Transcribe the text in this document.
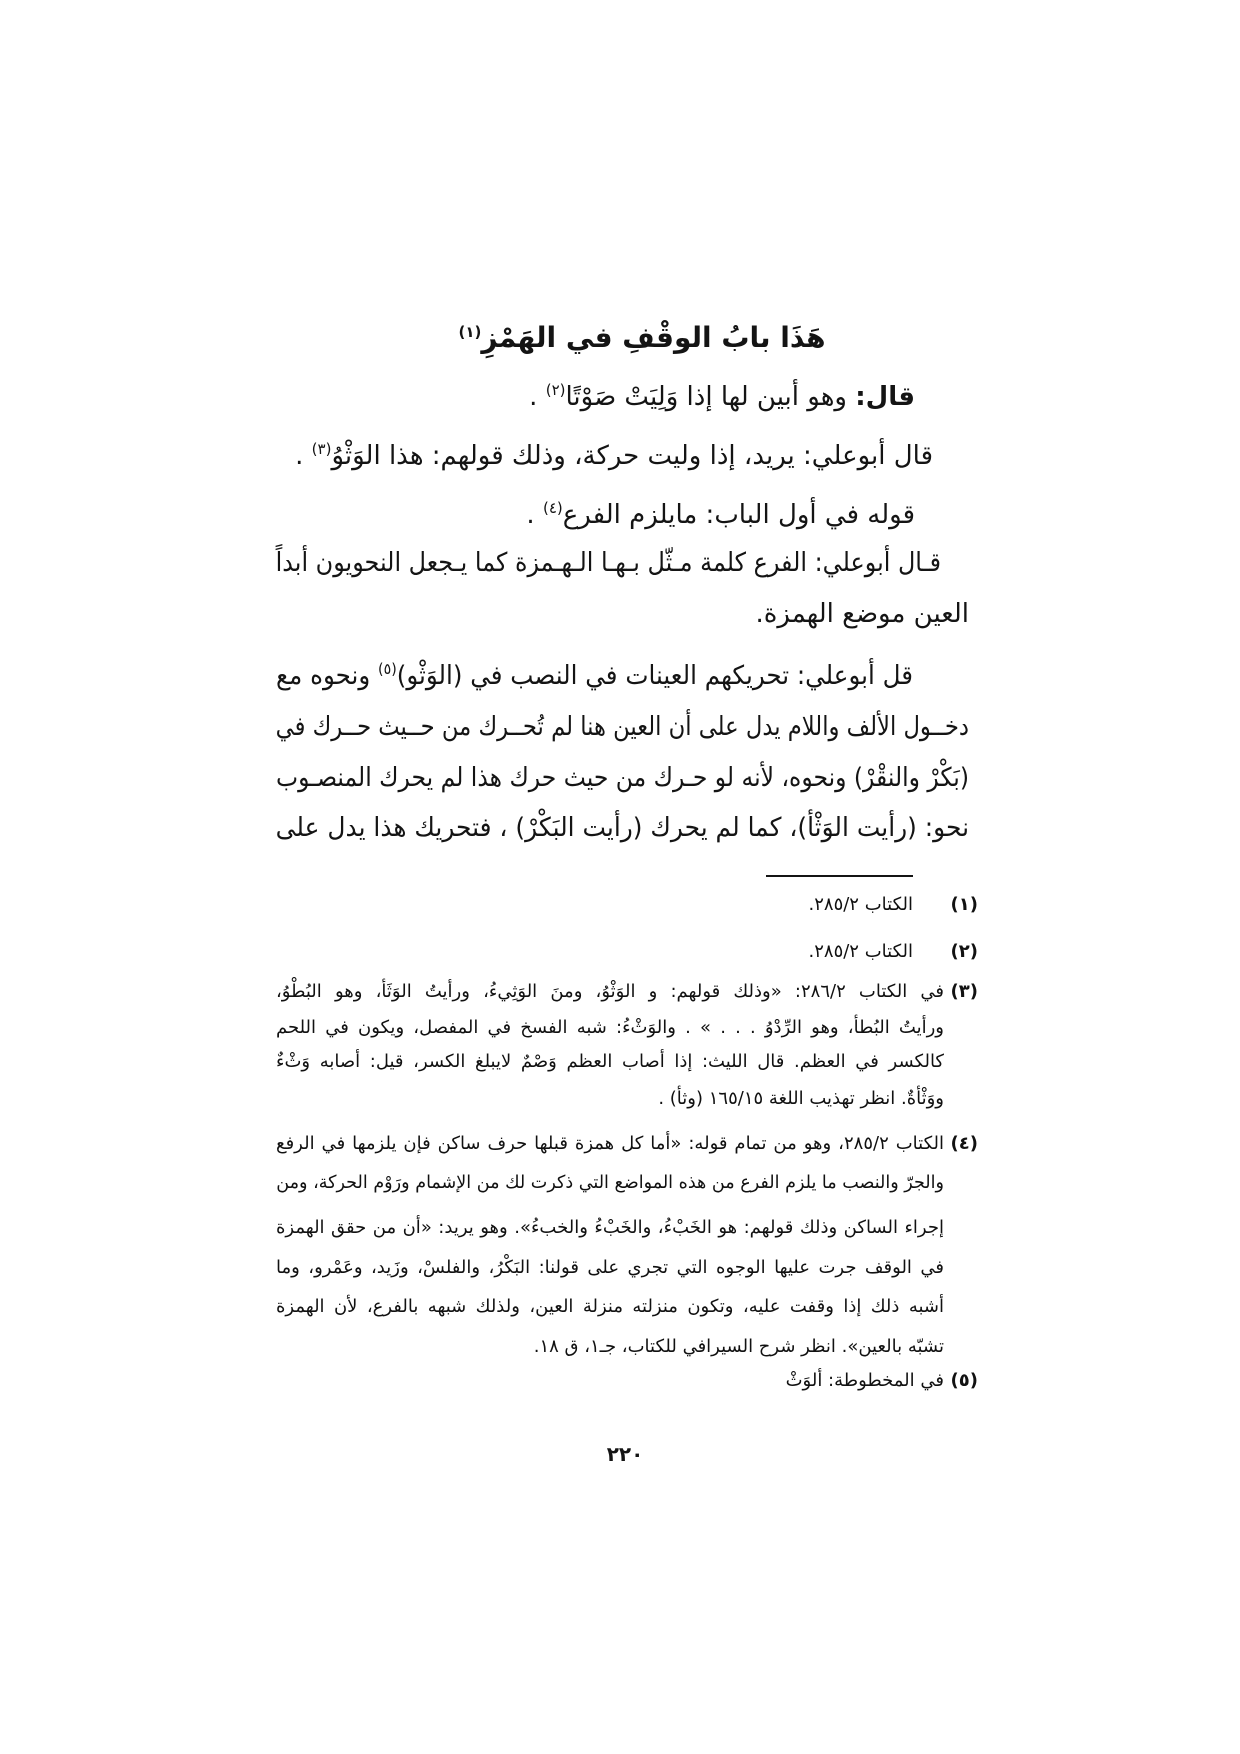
هَذَا بابُ الوقْفِ في الهَمْزِ$^{(١)}$
قال: وهو أبين لها إذا وَلِيَتْ صَوْتًا$^{(٢)}$ .
قال أبوعلي: يريد، إذا وليت حركة، وذلك قولهم: هذا الوَثْوُ$^{(٣)}$ .
قوله في أول الباب: مايلزم الفرع$^{(٤)}$ .
قـال أبوعلي: الفرع كلمة مـثّل بـهـا الـهـمزة كما يـجعل النحويون أبداً
العين موضع الهمزة.
قل أبوعلي: تحريكهم العينات في النصب في (الوَثْو)$^{(٥)}$ ونحوه مع
دخــول الألف واللام يدل على أن العين هنا لم تُحــرك من حــيث حــرك في
(بَكْرْ والنقْرْ) ونحوه، لأنه لو حـرك من حيث حرك هذا لم يحرك المنصـوب
نحو: (رأيت الوَثْأ)، كما لم يحرك (رأيت البَكْرْ) ، فتحريك هذا يدل على
(١)
الكتاب ٢٨٥/٢.
(٢)
الكتاب ٢٨٥/٢.
(٣)
في الكتاب ٢٨٦/٢: «وذلك قولهم: و الوَثْوُ، ومنَ الوَثِيءُ، ورأيتُ الوَثَأ، وهو البُطْوُ،
ورأيتُ البُطأ، وهو الرِّدْوُ . . . » . والوَثْءُ: شبه الفسخ في المفصل، ويكون في اللحم
كالكسر في العظم. قال الليث: إذا أصاب العظم وَصْمٌ لايبلغ الكسر، قيل: أصابه وَثْءٌ
ووَثْأةٌ. انظر تهذيب اللغة ١٦٥/١٥ (وثأ) .
(٤)
الكتاب ٢٨٥/٢، وهو من تمام قوله: «أما كل همزة قبلها حرف ساكن فإن يلزمها في الرفع
والجرّ والنصب ما يلزم الفرع من هذه المواضع التي ذكرت لك من الإشمام ورَوْم الحركة، ومن
إجراء الساكن وذلك قولهم: هو الخَبْءُ، والخَبْءُ والخبءُ». وهو يريد: «أن من حقق الهمزة
في الوقف جرت عليها الوجوه التي تجري على قولنا: البَكْرُ، والفلسْ، وزَيد، وعَمْرو، وما
أشبه ذلك إذا وقفت عليه، وتكون منزلته منزلة العين، ولذلك شبهه بالفرع، لأن الهمزة
تشبّه بالعين». انظر شرح السيرافي للكتاب، جـ١، ق ١٨.
(٥)
في المخطوطة: ألوَثْ
٢٢٠
